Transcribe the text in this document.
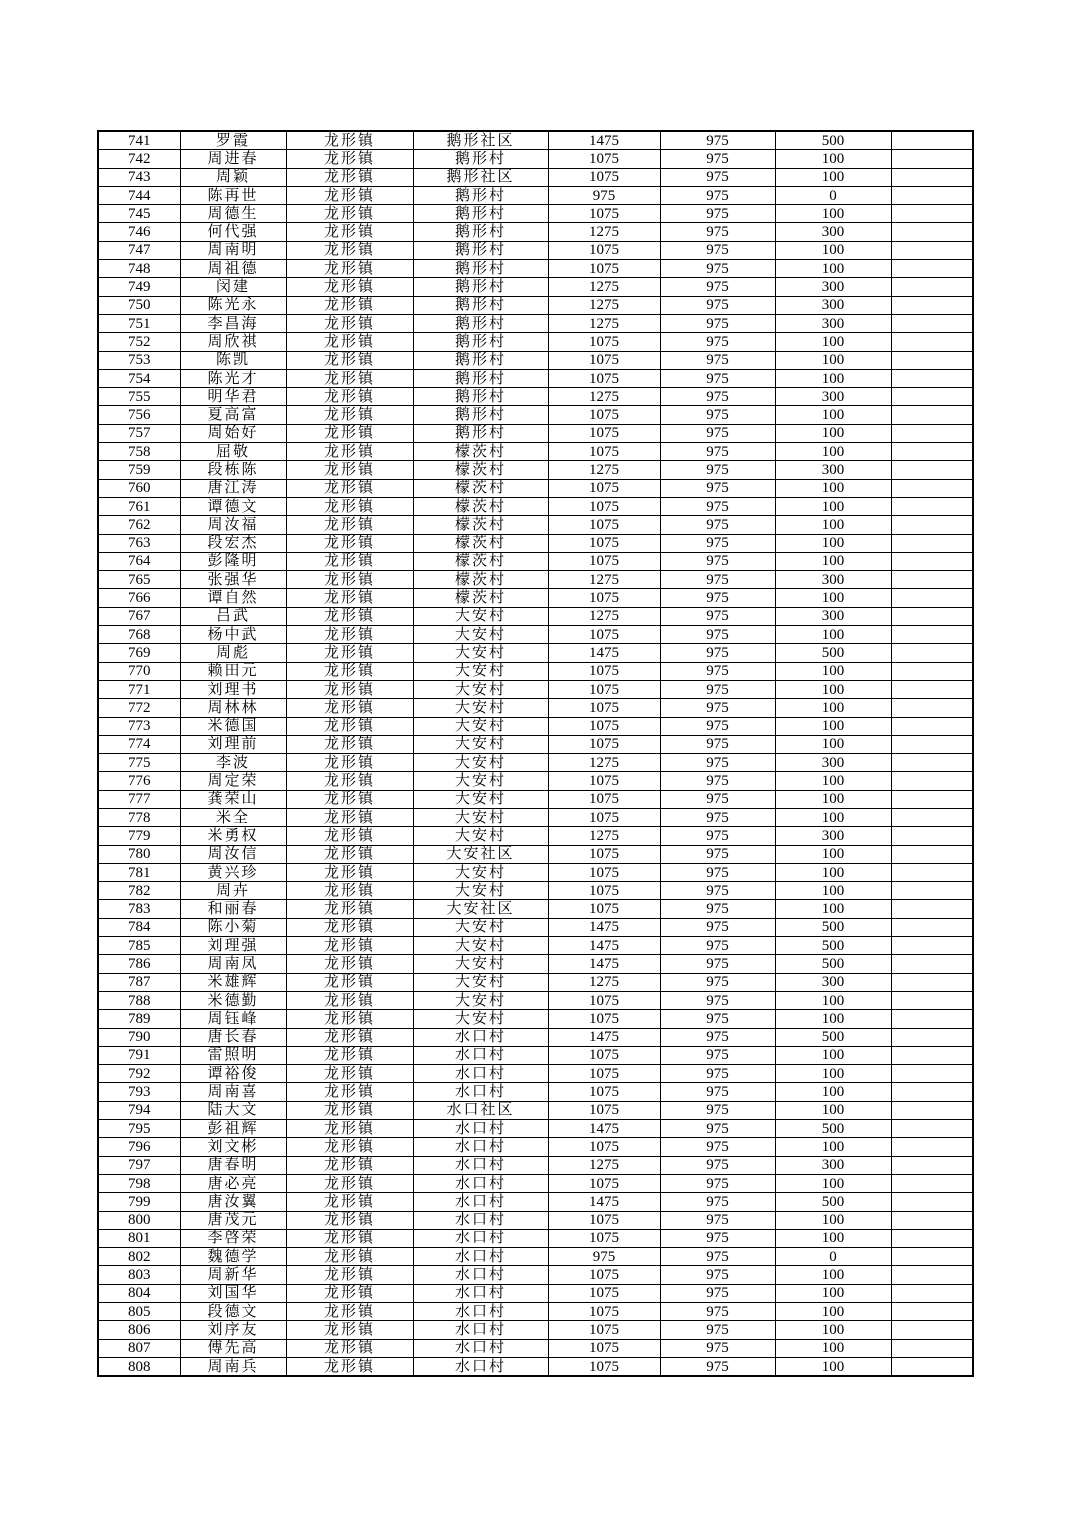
741	罗霞	龙形镇	鹅形社区	1475	975	500	
742	周进春	龙形镇	鹅形村	1075	975	100	
743	周颖	龙形镇	鹅形社区	1075	975	100	
744	陈再世	龙形镇	鹅形村	975	975	0	
745	周德生	龙形镇	鹅形村	1075	975	100	
746	何代强	龙形镇	鹅形村	1275	975	300	
747	周南明	龙形镇	鹅形村	1075	975	100	
748	周祖德	龙形镇	鹅形村	1075	975	100	
749	闵建	龙形镇	鹅形村	1275	975	300	
750	陈光永	龙形镇	鹅形村	1275	975	300	
751	李昌海	龙形镇	鹅形村	1275	975	300	
752	周欣祺	龙形镇	鹅形村	1075	975	100	
753	陈凯	龙形镇	鹅形村	1075	975	100	
754	陈光才	龙形镇	鹅形村	1075	975	100	
755	明华君	龙形镇	鹅形村	1275	975	300	
756	夏高富	龙形镇	鹅形村	1075	975	100	
757	周始好	龙形镇	鹅形村	1075	975	100	
758	屈敬	龙形镇	檬茨村	1075	975	100	
759	段栋陈	龙形镇	檬茨村	1275	975	300	
760	唐江涛	龙形镇	檬茨村	1075	975	100	
761	谭德文	龙形镇	檬茨村	1075	975	100	
762	周汝福	龙形镇	檬茨村	1075	975	100	
763	段宏杰	龙形镇	檬茨村	1075	975	100	
764	彭隆明	龙形镇	檬茨村	1075	975	100	
765	张强华	龙形镇	檬茨村	1275	975	300	
766	谭自然	龙形镇	檬茨村	1075	975	100	
767	吕武	龙形镇	大安村	1275	975	300	
768	杨中武	龙形镇	大安村	1075	975	100	
769	周彪	龙形镇	大安村	1475	975	500	
770	赖田元	龙形镇	大安村	1075	975	100	
771	刘理书	龙形镇	大安村	1075	975	100	
772	周林林	龙形镇	大安村	1075	975	100	
773	米德国	龙形镇	大安村	1075	975	100	
774	刘理前	龙形镇	大安村	1075	975	100	
775	李波	龙形镇	大安村	1275	975	300	
776	周定荣	龙形镇	大安村	1075	975	100	
777	龚荣山	龙形镇	大安村	1075	975	100	
778	米全	龙形镇	大安村	1075	975	100	
779	米勇权	龙形镇	大安村	1275	975	300	
780	周汝信	龙形镇	大安社区	1075	975	100	
781	黄兴珍	龙形镇	大安村	1075	975	100	
782	周卉	龙形镇	大安村	1075	975	100	
783	和丽春	龙形镇	大安社区	1075	975	100	
784	陈小菊	龙形镇	大安村	1475	975	500	
785	刘理强	龙形镇	大安村	1475	975	500	
786	周南凤	龙形镇	大安村	1475	975	500	
787	米雄辉	龙形镇	大安村	1275	975	300	
788	米德勤	龙形镇	大安村	1075	975	100	
789	周钰峰	龙形镇	大安村	1075	975	100	
790	唐长春	龙形镇	水口村	1475	975	500	
791	雷照明	龙形镇	水口村	1075	975	100	
792	谭裕俊	龙形镇	水口村	1075	975	100	
793	周南喜	龙形镇	水口村	1075	975	100	
794	陆大文	龙形镇	水口社区	1075	975	100	
795	彭祖辉	龙形镇	水口村	1475	975	500	
796	刘文彬	龙形镇	水口村	1075	975	100	
797	唐春明	龙形镇	水口村	1275	975	300	
798	唐必亮	龙形镇	水口村	1075	975	100	
799	唐汝翼	龙形镇	水口村	1475	975	500	
800	唐茂元	龙形镇	水口村	1075	975	100	
801	李啓荣	龙形镇	水口村	1075	975	100	
802	魏德学	龙形镇	水口村	975	975	0	
803	周新华	龙形镇	水口村	1075	975	100	
804	刘国华	龙形镇	水口村	1075	975	100	
805	段德文	龙形镇	水口村	1075	975	100	
806	刘序友	龙形镇	水口村	1075	975	100	
807	傅先高	龙形镇	水口村	1075	975	100	
808	周南兵	龙形镇	水口村	1075	975	100	
